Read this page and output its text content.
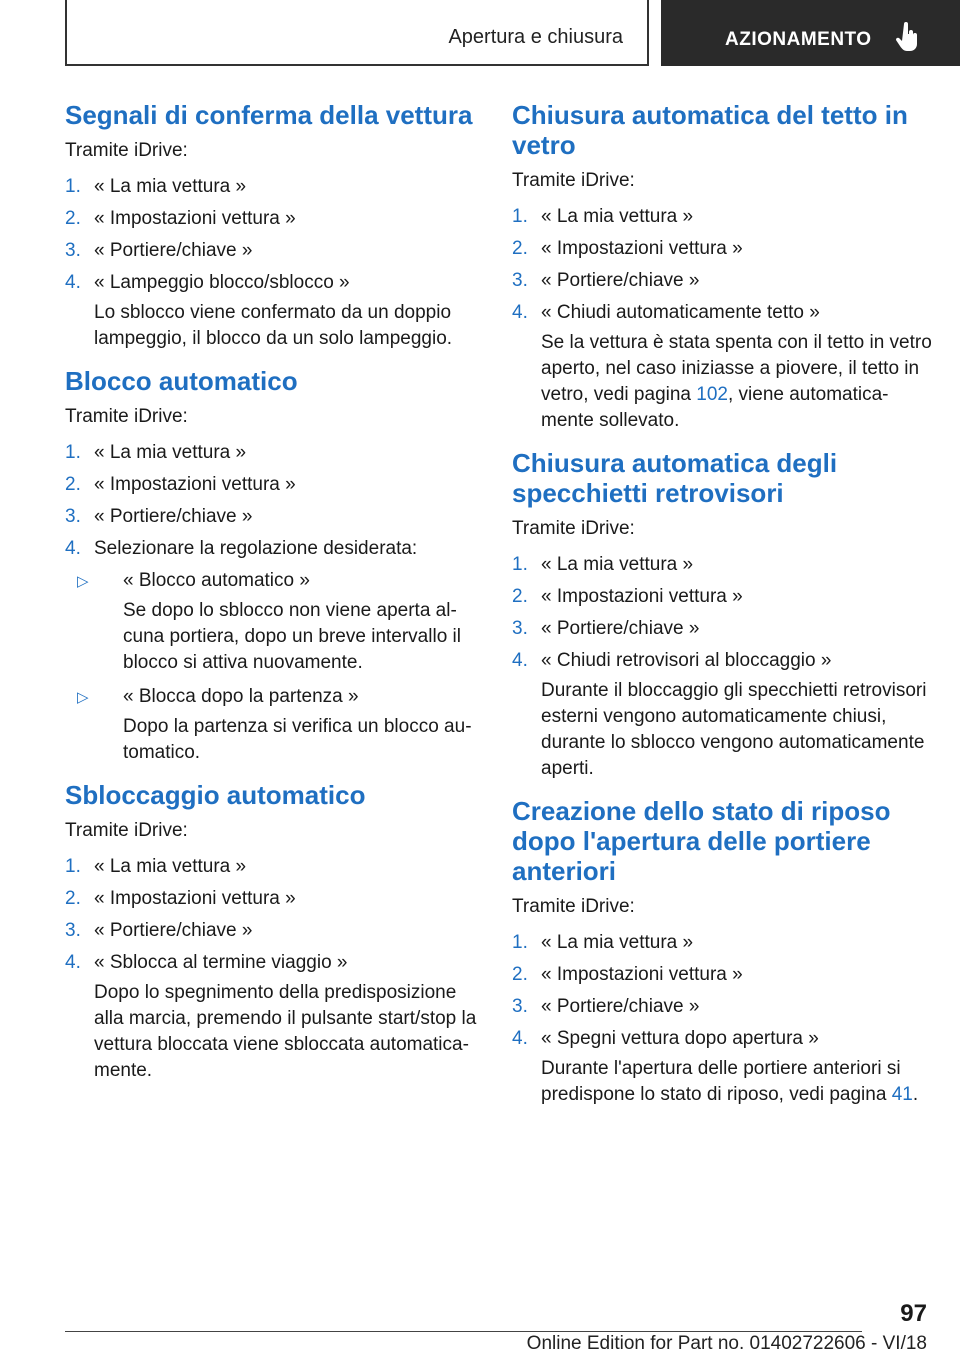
Apertura e chiusura	AZIONAMENTO
Segnali di conferma della vettura
Tramite iDrive:
1. « La mia vettura »
2. « Impostazioni vettura »
3. « Portiere/chiave »
4. « Lampeggio blocco/sblocco »
Lo sblocco viene confermato da un doppio lampeggio, il blocco da un solo lampeggio.
Blocco automatico
Tramite iDrive:
1. « La mia vettura »
2. « Impostazioni vettura »
3. « Portiere/chiave »
4. Selezionare la regolazione desiderata:
▷ « Blocco automatico »
Se dopo lo sblocco non viene aperta alcuna portiera, dopo un breve intervallo il blocco si attiva nuovamente.
▷ « Blocca dopo la partenza »
Dopo la partenza si verifica un blocco automatico.
Sbloccaggio automatico
Tramite iDrive:
1. « La mia vettura »
2. « Impostazioni vettura »
3. « Portiere/chiave »
4. « Sblocca al termine viaggio »
Dopo lo spegnimento della predisposizione alla marcia, premendo il pulsante start/stop la vettura bloccata viene sbloccata automaticamente.
Chiusura automatica del tetto in vetro
Tramite iDrive:
1. « La mia vettura »
2. « Impostazioni vettura »
3. « Portiere/chiave »
4. « Chiudi automaticamente tetto »
Se la vettura è stata spenta con il tetto in vetro aperto, nel caso iniziasse a piovere, il tetto in vetro, vedi pagina 102, viene automaticamente sollevato.
Chiusura automatica degli specchietti retrovisori
Tramite iDrive:
1. « La mia vettura »
2. « Impostazioni vettura »
3. « Portiere/chiave »
4. « Chiudi retrovisori al bloccaggio »
Durante il bloccaggio gli specchietti retrovisori esterni vengono automaticamente chiusi, durante lo sblocco vengono automaticamente aperti.
Creazione dello stato di riposo dopo l'apertura delle portiere anteriori
Tramite iDrive:
1. « La mia vettura »
2. « Impostazioni vettura »
3. « Portiere/chiave »
4. « Spegni vettura dopo apertura »
Durante l'apertura delle portiere anteriori si predispone lo stato di riposo, vedi pagina 41.
97
Online Edition for Part no. 01402722606 - VI/18
